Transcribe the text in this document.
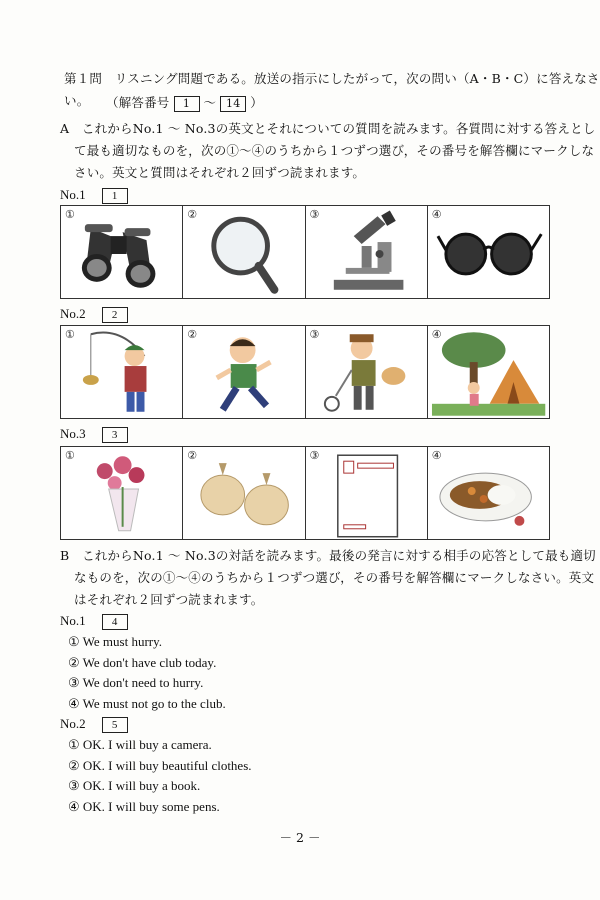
第１問　リスニング問題である。放送の指示にしたがって，次の問い（A・B・C）に答えなさい。	（解答番号 1 〜 14 ）
A　これからNo.1 〜 No.3の英文とそれについての質問を読みます。各質問に対する答えとし
て最も適切なものを，次の①〜④のうちから１つずつ選び，その番号を解答欄にマークしな
さい。英文と質問はそれぞれ２回ずつ読まれます。
No.1 1
①	②	③	④
No.2 2
①	②	③	④
No.3 3
①	②	③	④
B　これからNo.1 〜 No.3の対話を読みます。最後の発言に対する相手の応答として最も適切
なものを，次の①〜④のうちから１つずつ選び，その番号を解答欄にマークしなさい。英文
はそれぞれ２回ずつ読まれます。
No.1 4
① We must hurry.
② We don't have club today.
③ We don't need to hurry.
④ We must not go to the club.
No.2 5
① OK. I will buy a camera.
② OK. I will buy beautiful clothes.
③ OK. I will buy a book.
④ OK. I will buy some pens.
－ 2 －
